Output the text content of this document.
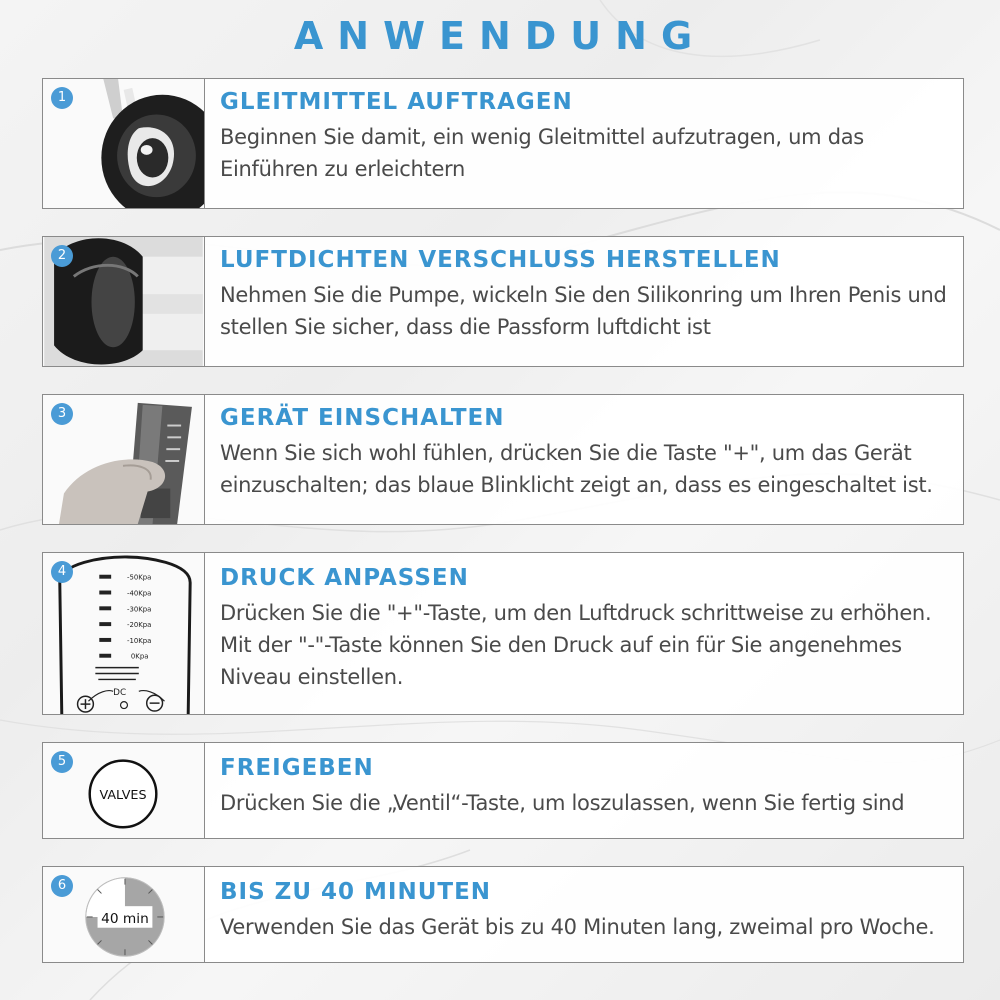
ANWENDUNG
1	GLEITMITTEL AUFTRAGEN
Beginnen Sie damit, ein wenig Gleitmittel aufzutragen, um das Einführen zu erleichtern
2	LUFTDICHTEN VERSCHLUSS HERSTELLEN
Nehmen Sie die Pumpe, wickeln Sie den Silikonring um Ihren Penis und stellen Sie sicher, dass die Passform luftdicht ist
3	GERÄT EINSCHALTEN
Wenn Sie sich wohl fühlen, drücken Sie die Taste "+", um das Gerät einzuschalten; das blaue Blinklicht zeigt an, dass es eingeschaltet ist.
4	-50Kpa
-40Kpa
-30Kpa
-20Kpa
-10Kpa
0Kpa
DC
DRUCK ANPASSEN
Drücken Sie die "+"-Taste, um den Luftdruck schrittweise zu erhöhen. Mit der "-"-Taste können Sie den Druck auf ein für Sie angenehmes Niveau einstellen.
5
VALVES
FREIGEBEN
Drücken Sie die „Ventil“-Taste, um loszulassen, wenn Sie fertig sind
6
40 min
BIS ZU 40 MINUTEN
Verwenden Sie das Gerät bis zu 40 Minuten lang, zweimal pro Woche.
